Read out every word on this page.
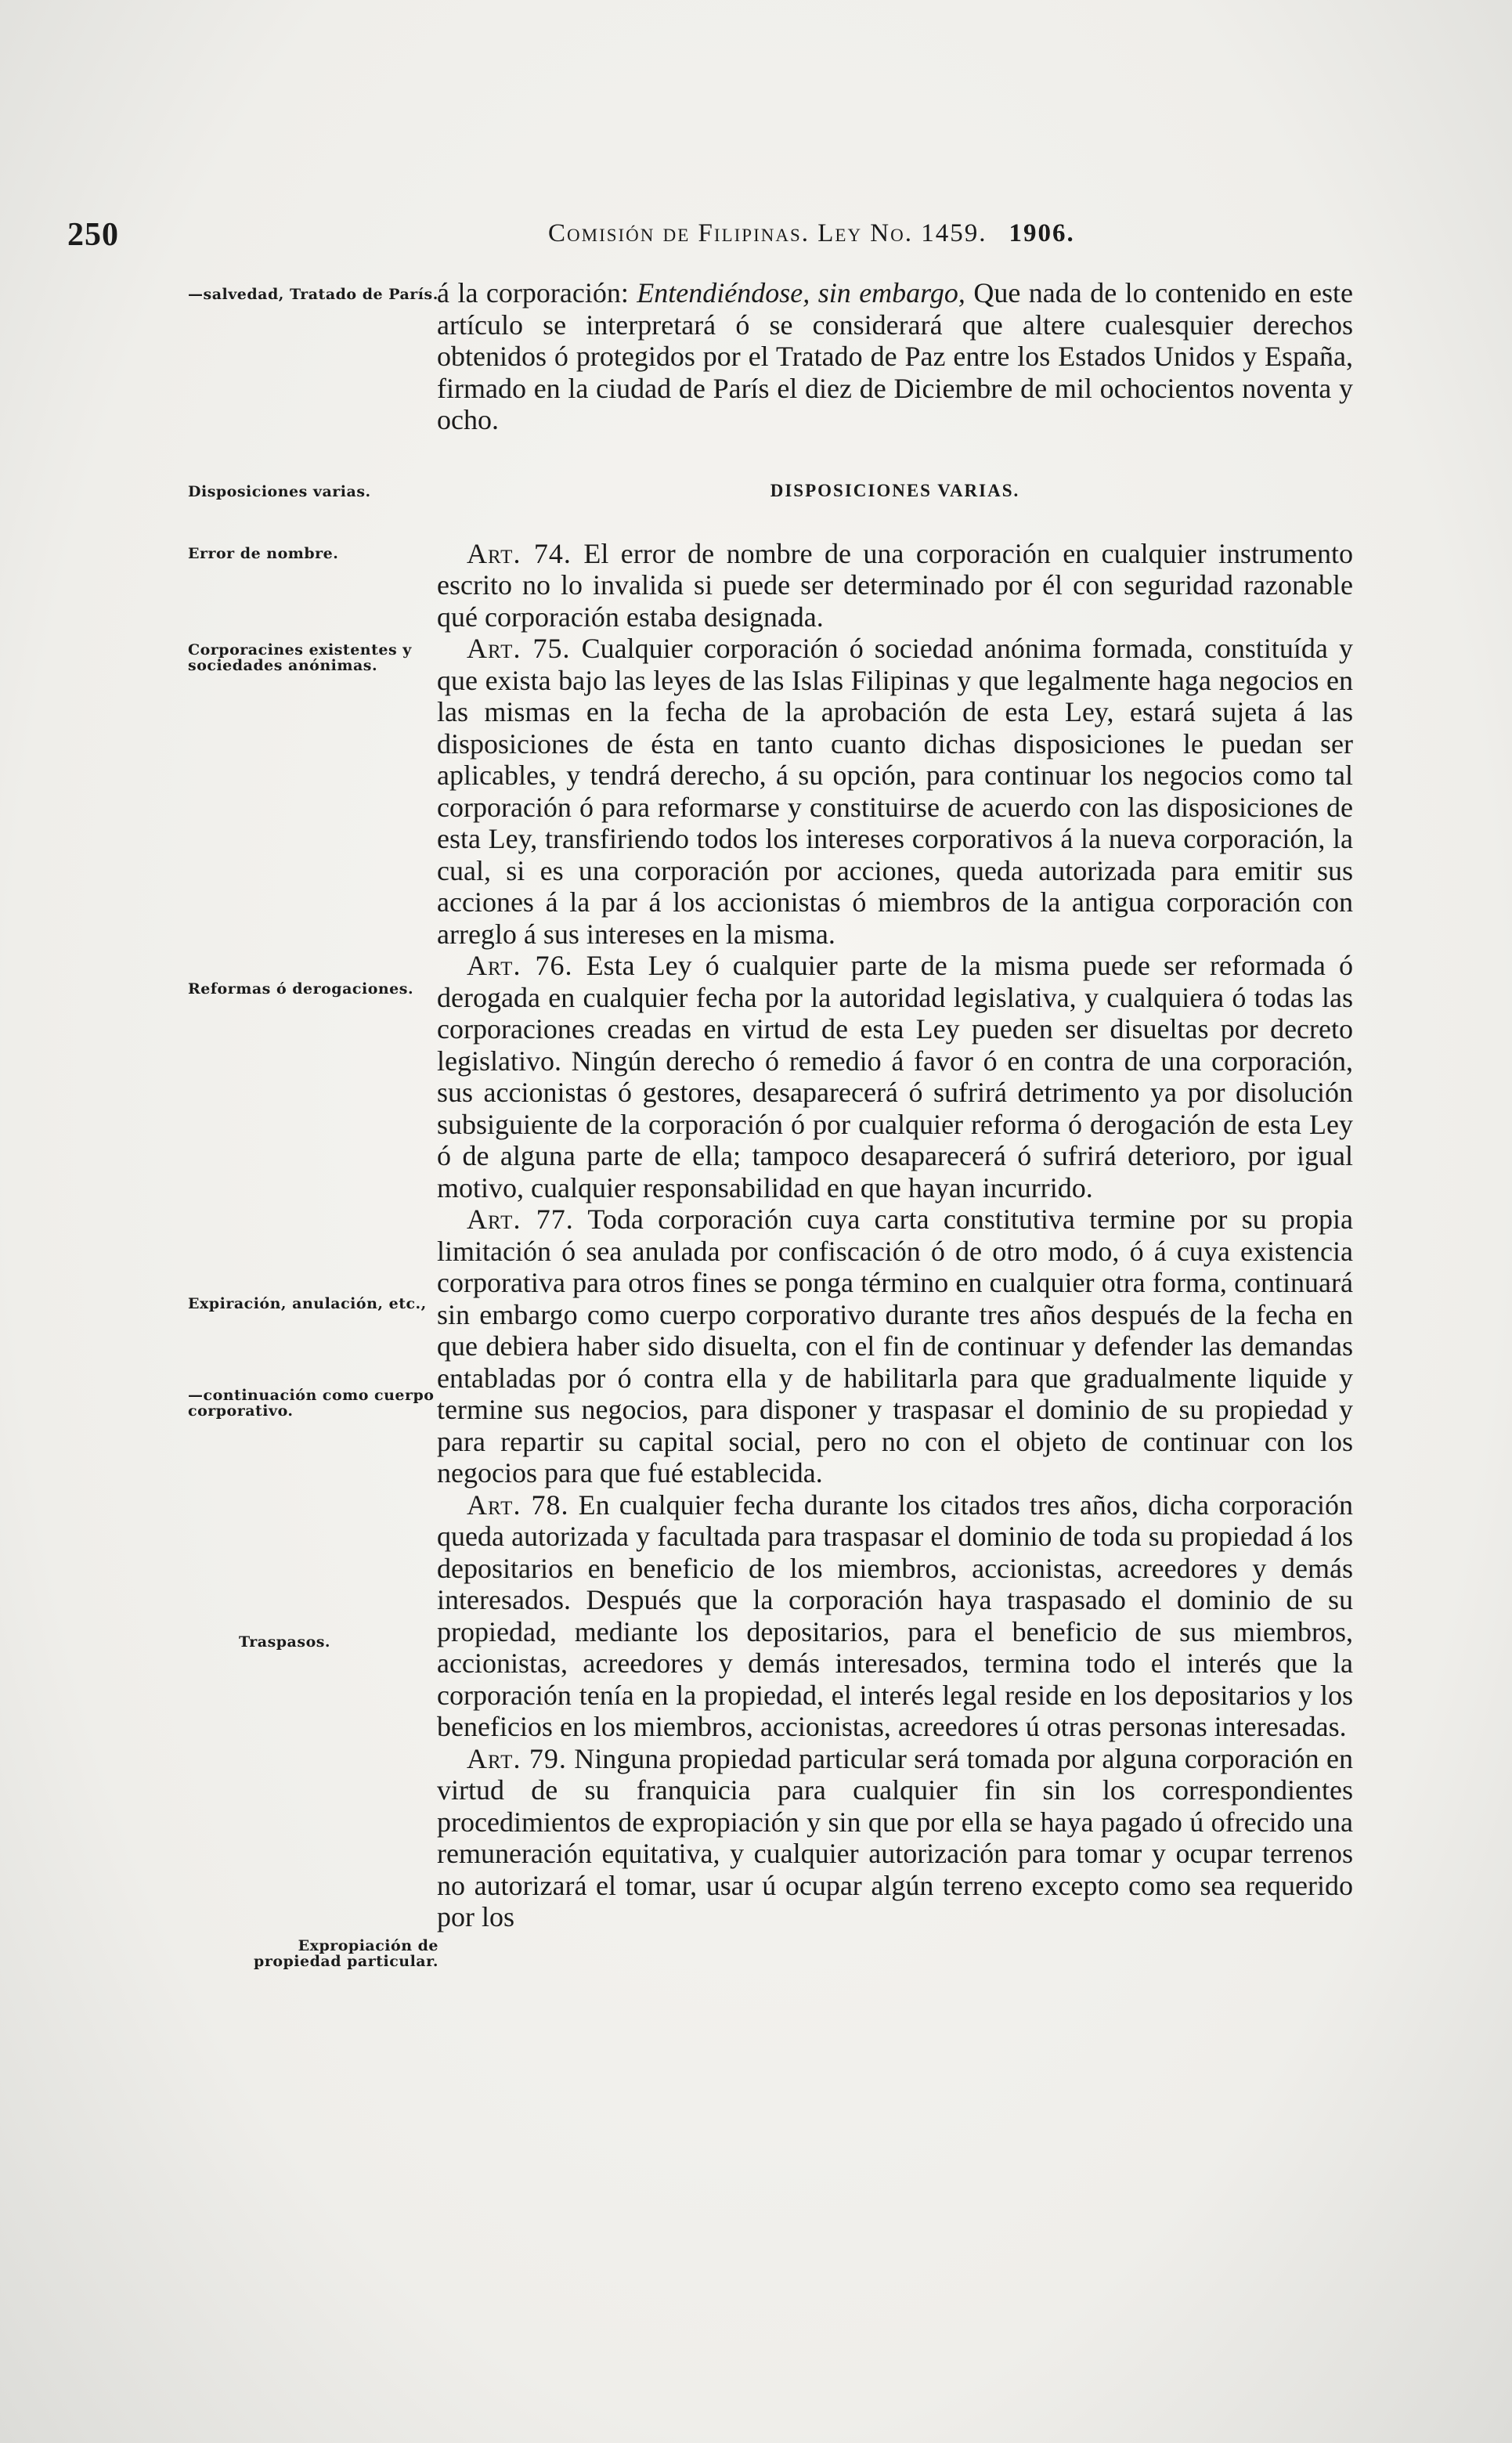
250	Comisión de Filipinas. Ley No. 1459. 1906.
—salvedad, Tratado de París.
Disposiciones varias.
Error de nombre.
Corporacines existentes y sociedades anónimas.
Reformas ó derogaciones.
Expiración, anulación, etc.,
—continuación como cuerpo corporativo.
Traspasos.
Expropiación de propiedad particular.

á la corporación: Entendiéndose, sin embargo, Que nada de lo contenido en este artículo se interpretará ó se considerará que altere cualesquier derechos obtenidos ó protegidos por el Tratado de Paz entre los Estados Unidos y España, firmado en la ciudad de París el diez de Diciembre de mil ochocientos noventa y ocho.

DISPOSICIONES VARIAS.

Art. 74. El error de nombre de una corporación en cualquier instrumento escrito no lo invalida si puede ser determinado por él con seguridad razonable qué corporación estaba designada.

Art. 75. Cualquier corporación ó sociedad anónima formada, constituída y que exista bajo las leyes de las Islas Filipinas y que legalmente haga negocios en las mismas en la fecha de la aprobación de esta Ley, estará sujeta á las disposiciones de ésta en tanto cuanto dichas disposiciones le puedan ser aplicables, y tendrá derecho, á su opción, para continuar los negocios como tal corporación ó para reformarse y constituirse de acuerdo con las disposiciones de esta Ley, transfiriendo todos los intereses corporativos á la nueva corporación, la cual, si es una corporación por acciones, queda autorizada para emitir sus acciones á la par á los accionistas ó miembros de la antigua corporación con arreglo á sus intereses en la misma.

Art. 76. Esta Ley ó cualquier parte de la misma puede ser reformada ó derogada en cualquier fecha por la autoridad legislativa, y cualquiera ó todas las corporaciones creadas en virtud de esta Ley pueden ser disueltas por decreto legislativo. Ningún derecho ó remedio á favor ó en contra de una corporación, sus accionistas ó gestores, desaparecerá ó sufrirá detrimento ya por disolución subsiguiente de la corporación ó por cualquier reforma ó derogación de esta Ley ó de alguna parte de ella; tampoco desaparecerá ó sufrirá deterioro, por igual motivo, cualquier responsabilidad en que hayan incurrido.

Art. 77. Toda corporación cuya carta constitutiva termine por su propia limitación ó sea anulada por confiscación ó de otro modo, ó á cuya existencia corporativa para otros fines se ponga término en cualquier otra forma, continuará sin embargo como cuerpo corporativo durante tres años después de la fecha en que debiera haber sido disuelta, con el fin de continuar y defender las demandas entabladas por ó contra ella y de habilitarla para que gradualmente liquide y termine sus negocios, para disponer y traspasar el dominio de su propiedad y para repartir su capital social, pero no con el objeto de continuar con los negocios para que fué establecida.

Art. 78. En cualquier fecha durante los citados tres años, dicha corporación queda autorizada y facultada para traspasar el dominio de toda su propiedad á los depositarios en beneficio de los miembros, accionistas, acreedores y demás interesados. Después que la corporación haya traspasado el dominio de su propiedad, mediante los depositarios, para el beneficio de sus miembros, accionistas, acreedores y demás interesados, termina todo el interés que la corporación tenía en la propiedad, el interés legal reside en los depositarios y los beneficios en los miembros, accionistas, acreedores ú otras personas interesadas.

Art. 79. Ninguna propiedad particular será tomada por alguna corporación en virtud de su franquicia para cualquier fin sin los correspondientes procedimientos de expropiación y sin que por ella se haya pagado ú ofrecido una remuneración equitativa, y cualquier autorización para tomar y ocupar terrenos no autorizará el tomar, usar ú ocupar algún terreno excepto como sea requerido por los
